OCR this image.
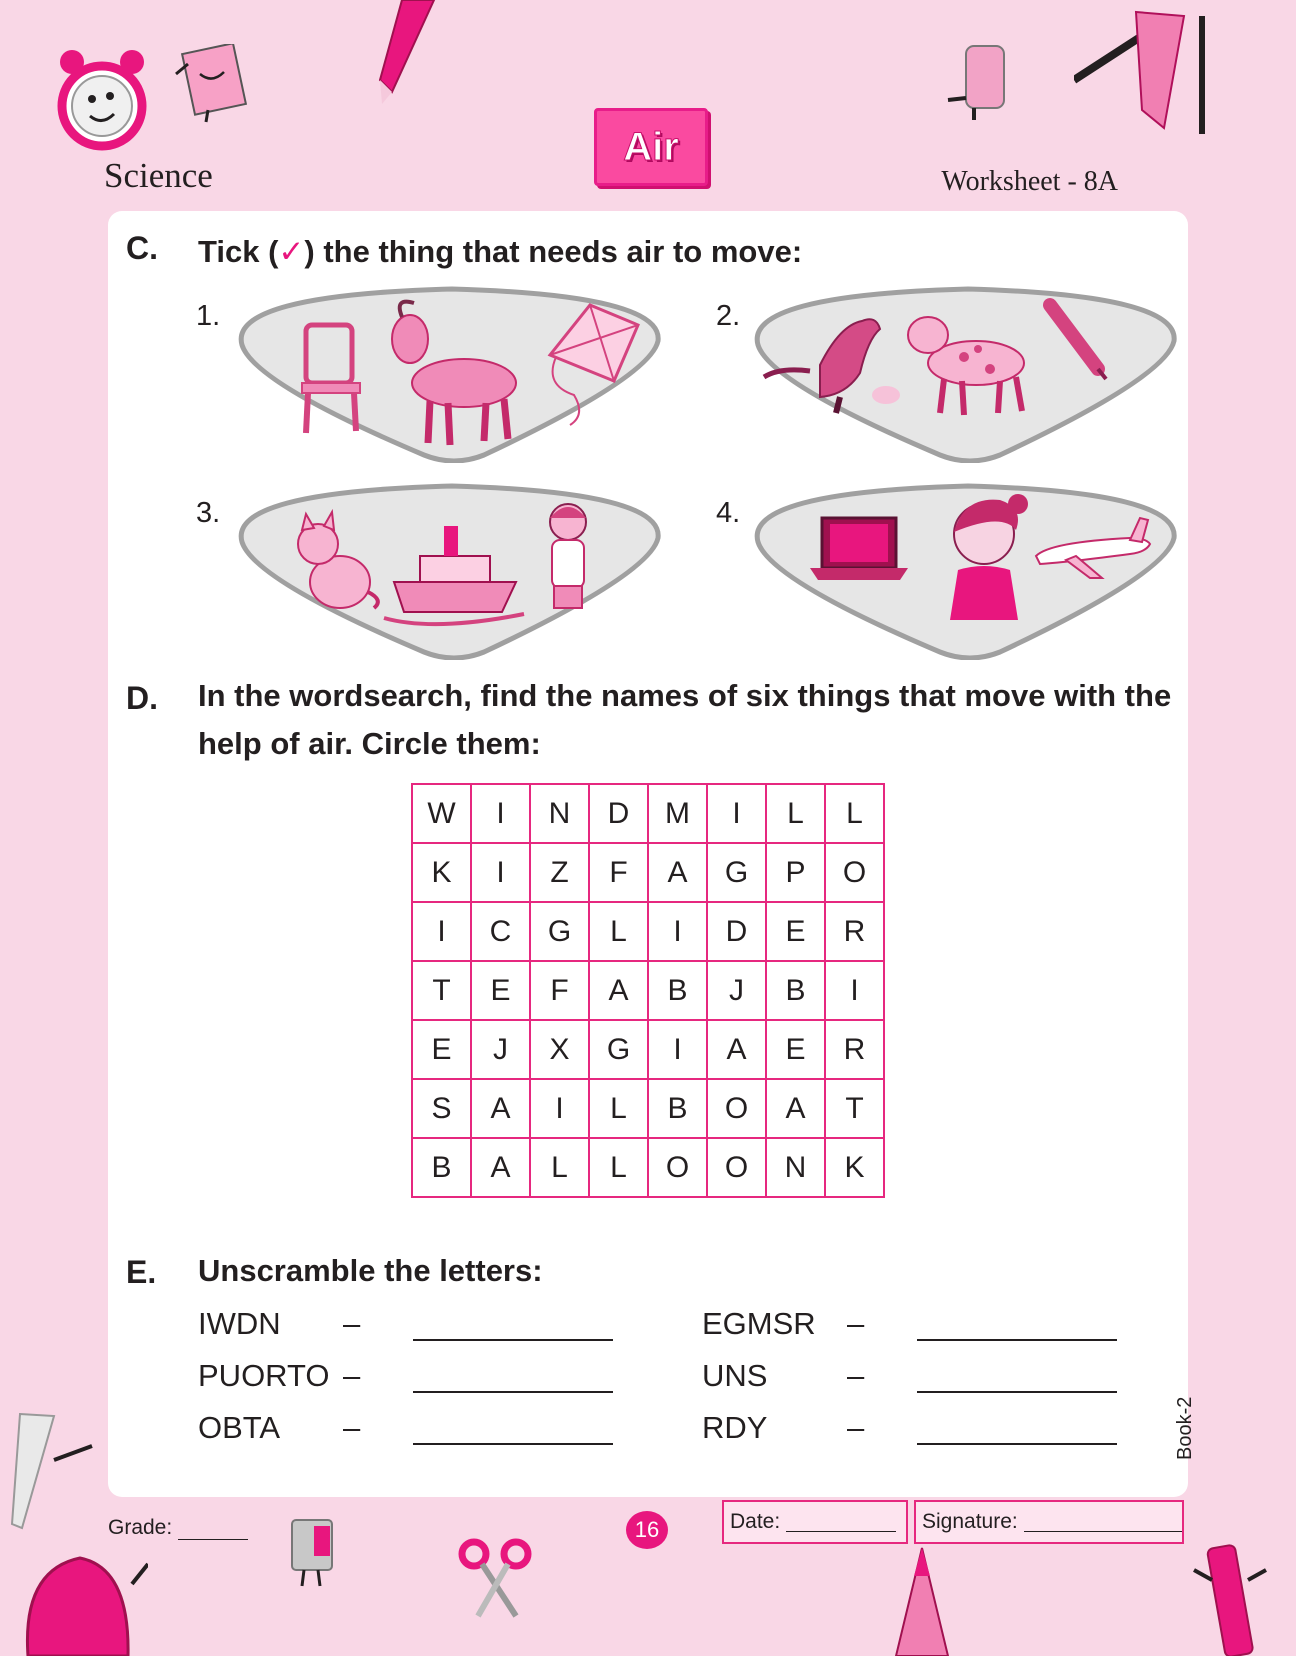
Science
Air
Worksheet - 8A
C. Tick (✓) the thing that needs air to move:
1.	2.
3.	4.
D. In the wordsearch, find the names of six things that move with the
help of air. Circle them:
W	I	N	D	M	I	L	L
K	I	Z	F	A	G	P	O
I	C	G	L	I	D	E	R
T	E	F	A	B	J	B	I
E	J	X	G	I	A	E	R
S	A	I	L	B	O	A	T
B	A	L	L	O	O	N	K
E. Unscramble the letters:
IWDN	–
PUORTO –
OBTA	–
EGMSR	–
UNS	–
RDY	–	Book-2
Grade:	16	Date:	Signature:
